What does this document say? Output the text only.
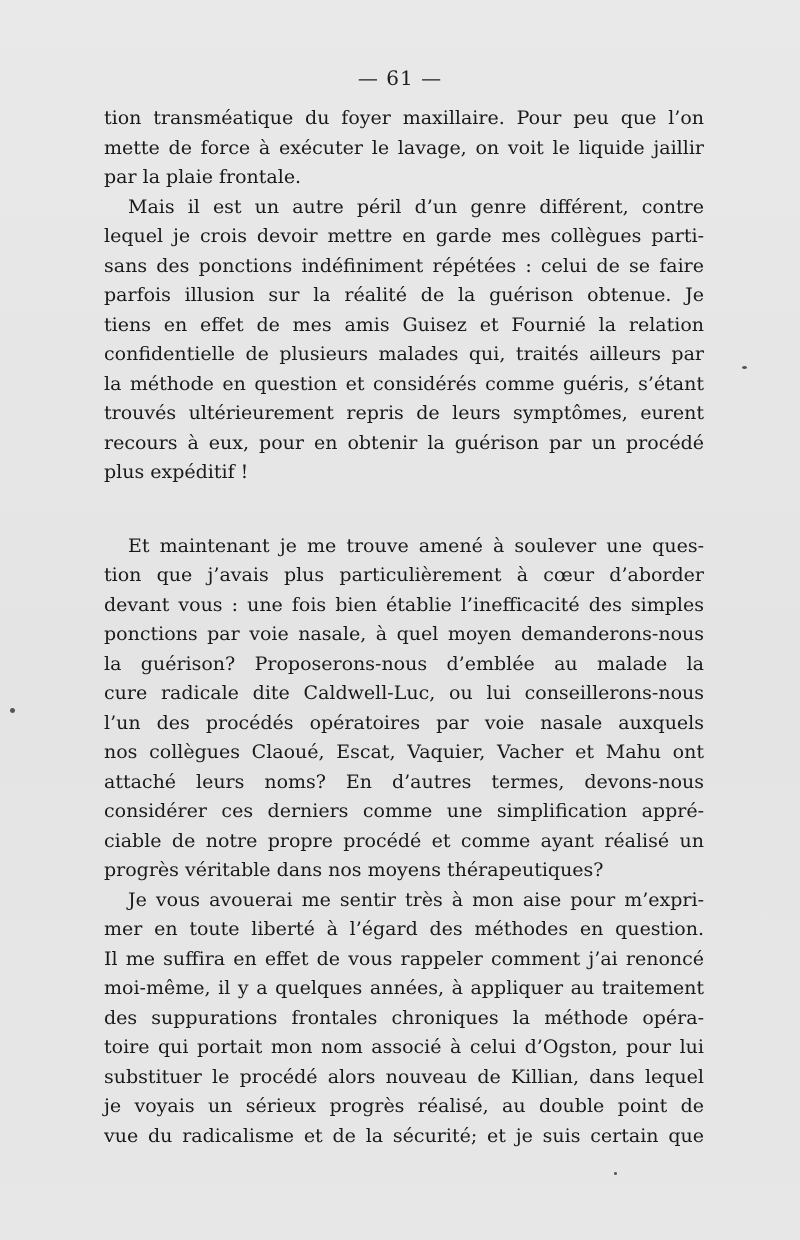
— 61 —
tion transméatique du foyer maxillaire. Pour peu que l’on
mette de force à exécuter le lavage, on voit le liquide jaillir
par la plaie frontale.
Mais il est un autre péril d’un genre différent, contre
lequel je crois devoir mettre en garde mes collègues parti-
sans des ponctions indéfiniment répétées : celui de se faire
parfois illusion sur la réalité de la guérison obtenue. Je
tiens en effet de mes amis Guisez et Fournié la relation
confidentielle de plusieurs malades qui, traités ailleurs par
la méthode en question et considérés comme guéris, s’étant
trouvés ultérieurement repris de leurs symptômes, eurent
recours à eux, pour en obtenir la guérison par un procédé
plus expéditif !
Et maintenant je me trouve amené à soulever une ques-
tion que j’avais plus particulièrement à cœur d’aborder
devant vous : une fois bien établie l’inefficacité des simples
ponctions par voie nasale, à quel moyen demanderons-nous
la guérison? Proposerons-nous d’emblée au malade la
cure radicale dite Caldwell-Luc, ou lui conseillerons-nous
l’un des procédés opératoires par voie nasale auxquels
nos collègues Claoué, Escat, Vaquier, Vacher et Mahu ont
attaché leurs noms? En d’autres termes, devons-nous
considérer ces derniers comme une simplification appré-
ciable de notre propre procédé et comme ayant réalisé un
progrès véritable dans nos moyens thérapeutiques?
Je vous avouerai me sentir très à mon aise pour m’expri-
mer en toute liberté à l’égard des méthodes en question.
Il me suffira en effet de vous rappeler comment j’ai renoncé
moi-même, il y a quelques années, à appliquer au traitement
des suppurations frontales chroniques la méthode opéra-
toire qui portait mon nom associé à celui d’Ogston, pour lui
substituer le procédé alors nouveau de Killian, dans lequel
je voyais un sérieux progrès réalisé, au double point de
vue du radicalisme et de la sécurité; et je suis certain que
